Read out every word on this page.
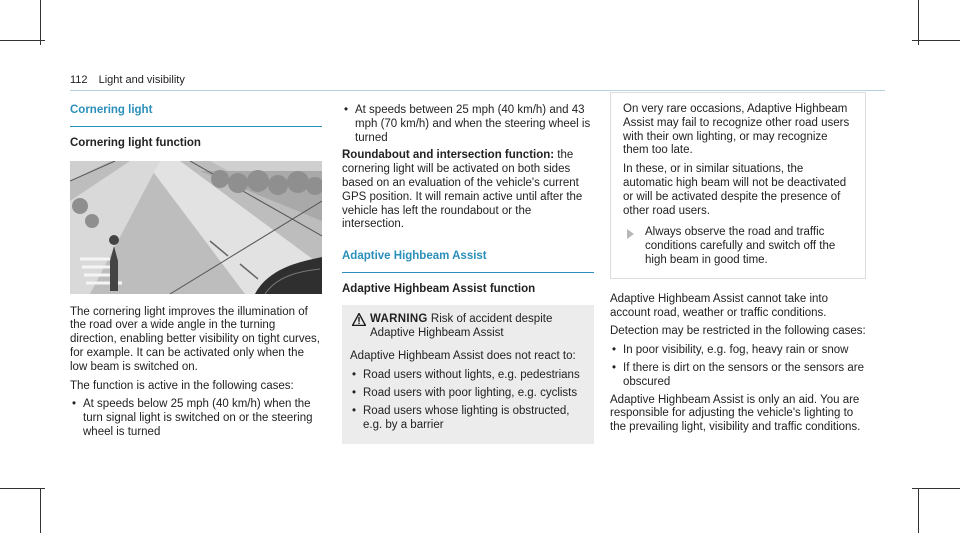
112 Light and visibility
Cornering light
Cornering light function

The cornering light improves the illumination of the road over a wide angle in the turning direction, enabling better visibility on tight curves, for example. It can be activated only when the low beam is switched on.

The function is active in the following cases:

• At speeds below 25 mph (40 km/h) when the turn signal light is switched on or the steering wheel is turned
• At speeds between 25 mph (40 km/h) and 43 mph (70 km/h) and when the steering wheel is turned

Roundabout and intersection function: the cornering light will be activated on both sides based on an evaluation of the vehicle's current GPS position. It will remain active until after the vehicle has left the roundabout or the intersection.

Adaptive Highbeam Assist
Adaptive Highbeam Assist function
WARNING Risk of accident despite Adaptive Highbeam Assist

Adaptive Highbeam Assist does not react to:

• Road users without lights, e.g. pedestrians
• Road users with poor lighting, e.g. cyclists
• Road users whose lighting is obstructed, e.g. by a barrier

On very rare occasions, Adaptive Highbeam Assist may fail to recognize other road users with their own lighting, or may recognize them too late.

In these, or in similar situations, the automatic high beam will not be deactivated or will be activated despite the presence of other road users.

Always observe the road and traffic conditions carefully and switch off the high beam in good time.

Adaptive Highbeam Assist cannot take into account road, weather or traffic conditions.

Detection may be restricted in the following cases:

• In poor visibility, e.g. fog, heavy rain or snow
• If there is dirt on the sensors or the sensors are obscured

Adaptive Highbeam Assist is only an aid. You are responsible for adjusting the vehicle's lighting to the prevailing light, visibility and traffic conditions.
